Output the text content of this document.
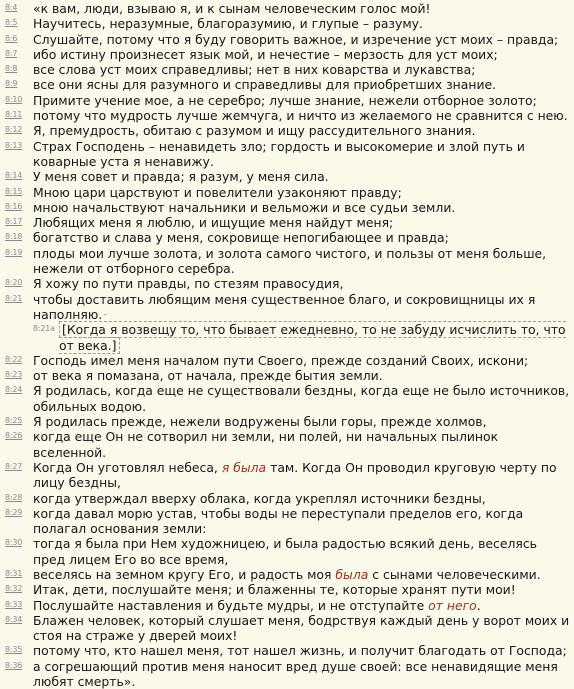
8:4 «к вам, люди, взываю я, и к сынам человеческим голос мой!
8:5 Научитесь, неразумные, благоразумию, и глупые – разуму.
8:6 Слушайте, потому что я буду говорить важное, и изречение уст моих – правда;
8:7 ибо истину произнесет язык мой, и нечестие – мерзость для уст моих;
8:8 все слова уст моих справедливы; нет в них коварства и лукавства;
8:9 все они ясны для разумного и справедливы для приобретших знание.
8:10 Примите учение мое, а не серебро; лучше знание, нежели отборное золото;
8:11 потому что мудрость лучше жемчуга, и ничто из желаемого не сравнится с нею.
8:12 Я, премудрость, обитаю с разумом и ищу рассудительного знания.
8:13 Страх Господень – ненавидеть зло; гордость и высокомерие и злой путь и коварные уста я ненавижу.
8:14 У меня совет и правда; я разум, у меня сила.
8:15 Мною цари царствуют и повелители узаконяют правду;
8:16 мною начальствуют начальники и вельможи и все судьи земли.
8:17 Любящих меня я люблю, и ищущие меня найдут меня;
8:18 богатство и слава у меня, сокровище непогибающее и правда;
8:19 плоды мои лучше золота, и золота самого чистого, и пользы от меня больше, нежели от отборного серебра.
8:20 Я хожу по пути правды, по стезям правосудия,
8:21 чтобы доставить любящим меня существенное благо, и сокровищницы их я наполняю.–
8:21a [Когда я возвещу то, что бывает ежедневно, то не забуду исчислить то, что от века.]
8:22 Господь имел меня началом пути Своего, прежде созданий Своих, искони;
8:23 от века я помазана, от начала, прежде бытия земли.
8:24 Я родилась, когда еще не существовали бездны, когда еще не было источников, обильных водою.
8:25 Я родилась прежде, нежели водружены были горы, прежде холмов,
8:26 когда еще Он не сотворил ни земли, ни полей, ни начальных пылинок вселенной.
8:27 Когда Он уготовлял небеса, я была там. Когда Он проводил круговую черту по лицу бездны,
8:28 когда утверждал вверху облака, когда укреплял источники бездны,
8:29 когда давал морю устав, чтобы воды не переступали пределов его, когда полагал основания земли:
8:30 тогда я была при Нем художницею, и была радостью всякий день, веселясь пред лицем Его во все время,
8:31 веселясь на земном кругу Его, и радость моя была с сынами человеческими.
8:32 Итак, дети, послушайте меня; и блаженны те, которые хранят пути мои!
8:33 Послушайте наставления и будьте мудры, и не отступайте от него.
8:34 Блажен человек, который слушает меня, бодрствуя каждый день у ворот моих и стоя на страже у дверей моих!
8:35 потому что, кто нашел меня, тот нашел жизнь, и получит благодать от Господа;
8:36 а согрешающий против меня наносит вред душе своей: все ненавидящие меня любят смерть».
